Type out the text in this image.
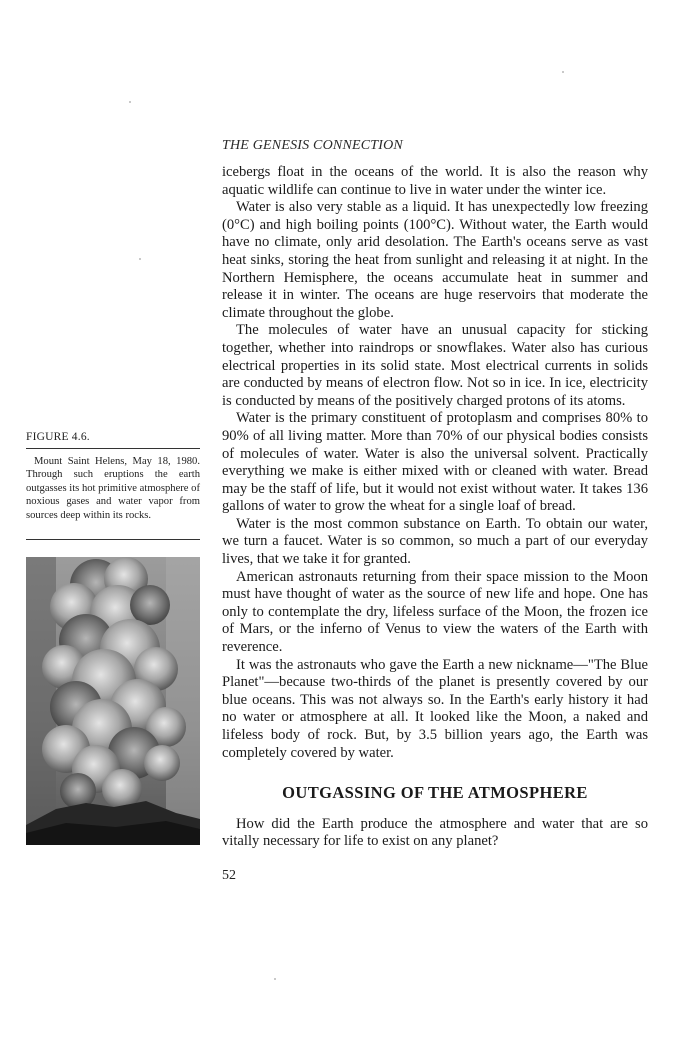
THE GENESIS CONNECTION
FIGURE 4.6.
Mount Saint Helens, May 18, 1980. Through such eruptions the earth outgasses its hot primitive atmosphere of noxious gases and water vapor from sources deep within its rocks.

icebergs float in the oceans of the world. It is also the reason why aquatic wildlife can continue to live in water under the winter ice.

Water is also very stable as a liquid. It has unexpectedly low freezing (0°C) and high boiling points (100°C). Without water, the Earth would have no climate, only arid desolation. The Earth's oceans serve as vast heat sinks, storing the heat from sunlight and releasing it at night. In the Northern Hemisphere, the oceans accumulate heat in summer and release it in winter. The oceans are huge reservoirs that moderate the climate throughout the globe.

The molecules of water have an unusual capacity for sticking together, whether into raindrops or snowflakes. Water also has curious electrical properties in its solid state. Most electrical currents in solids are conducted by means of electron flow. Not so in ice. In ice, electricity is conducted by means of the positively charged protons of its atoms.

Water is the primary constituent of protoplasm and comprises 80% to 90% of all living matter. More than 70% of our physical bodies consists of molecules of water. Water is also the universal solvent. Practically everything we make is either mixed with or cleaned with water. Bread may be the staff of life, but it would not exist without water. It takes 136 gallons of water to grow the wheat for a single loaf of bread.

Water is the most common substance on Earth. To obtain our water, we turn a faucet. Water is so common, so much a part of our everyday lives, that we take it for granted.

American astronauts returning from their space mission to the Moon must have thought of water as the source of new life and hope. One has only to contemplate the dry, lifeless surface of the Moon, the frozen ice of Mars, or the inferno of Venus to view the waters of the Earth with reverence.

It was the astronauts who gave the Earth a new nickname—"The Blue Planet"—because two-thirds of the planet is presently covered by our blue oceans. This was not always so. In the Earth's early history it had no water or atmosphere at all. It looked like the Moon, a naked and lifeless body of rock. But, by 3.5 billion years ago, the Earth was completely covered by water.

OUTGASSING OF THE ATMOSPHERE

How did the Earth produce the atmosphere and water that are so vitally necessary for life to exist on any planet?

52
